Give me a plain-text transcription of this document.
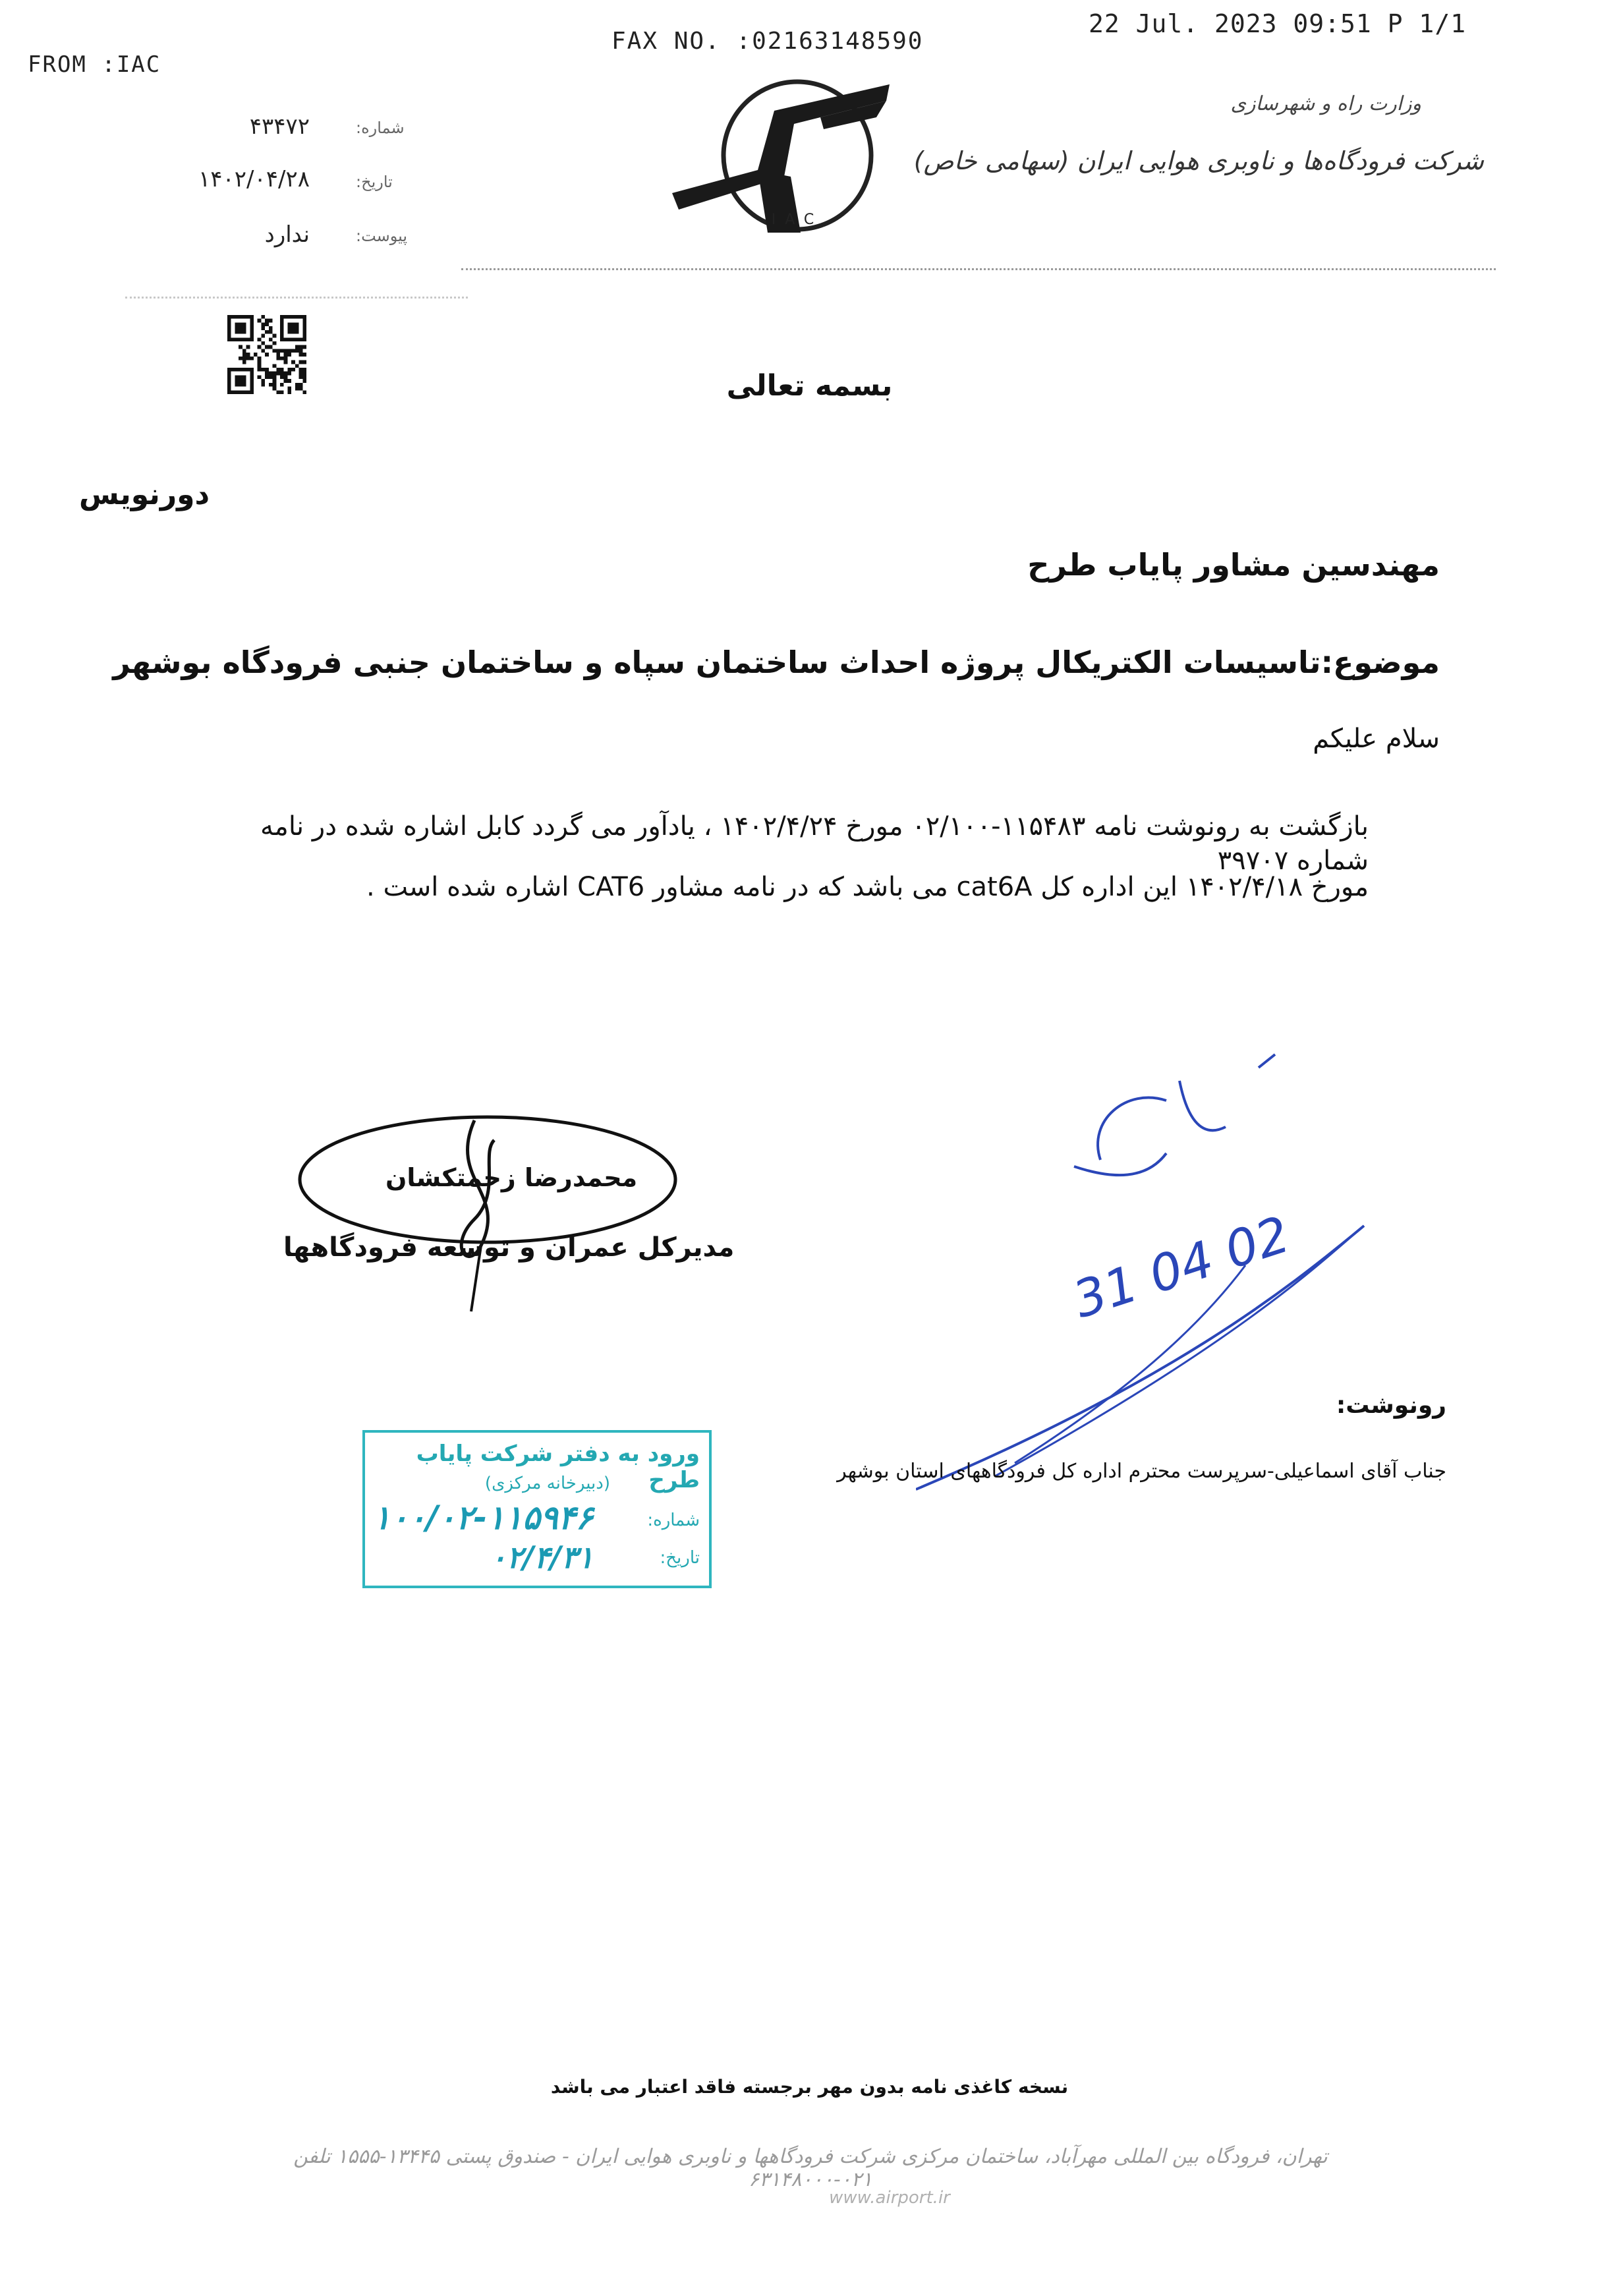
FROM :IAC
FAX NO. :02163148590
22 Jul. 2023 09:51 P 1/1
۴۳۴۷۲
۱۴۰۲/۰۴/۲۸
ندارد
شماره:
تاریخ:
پیوست:
IAC
وزارت راه و شهرسازی
شرکت فرودگاه‌ها و ناوبری هوایی ایران (سهامی خاص)
بسمه تعالی
دورنویس
مهندسین مشاور پایاب طرح
موضوع:تاسیسات الکتریکال پروژه احداث ساختمان سپاه و ساختمان جنبی فرودگاه بوشهر
سلام علیکم
بازگشت به رونوشت نامه ۱۱۵۴۸۳-۰۲/۱۰۰ مورخ ۱۴۰۲/۴/۲۴ ، یادآور می گردد کابل اشاره شده در نامه شماره ۳۹۷۰۷
مورخ ۱۴۰۲/۴/۱۸ این اداره کل cat6A می باشد که در نامه مشاور CAT6 اشاره شده است .
محمدرضا زحمتکشان
مدیرکل عمران و توسعه فرودگاهها	31 04 02
رونوشت:
جناب آقای اسماعیلی-سرپرست محترم اداره کل فرودگاههای استان بوشهر
ورود به دفتر شرکت پایاب طرح
(دبیرخانه مرکزی)
شماره:
تاریخ:
۱۰۰/۰۲-۱۱۵۹۴۶
۰۲/۴/۳۱
نسخه کاغذی نامه بدون مهر برجسته فاقد اعتبار می باشد
تهران، فرودگاه بین المللی مهرآباد، ساختمان مرکزی شرکت فرودگاهها و ناوبری هوایی ایران - صندوق پستی ۱۳۴۴۵-۱۵۵۵ تلفن ۰۲۱-۶۳۱۴۸۰۰۰
www.airport.ir
